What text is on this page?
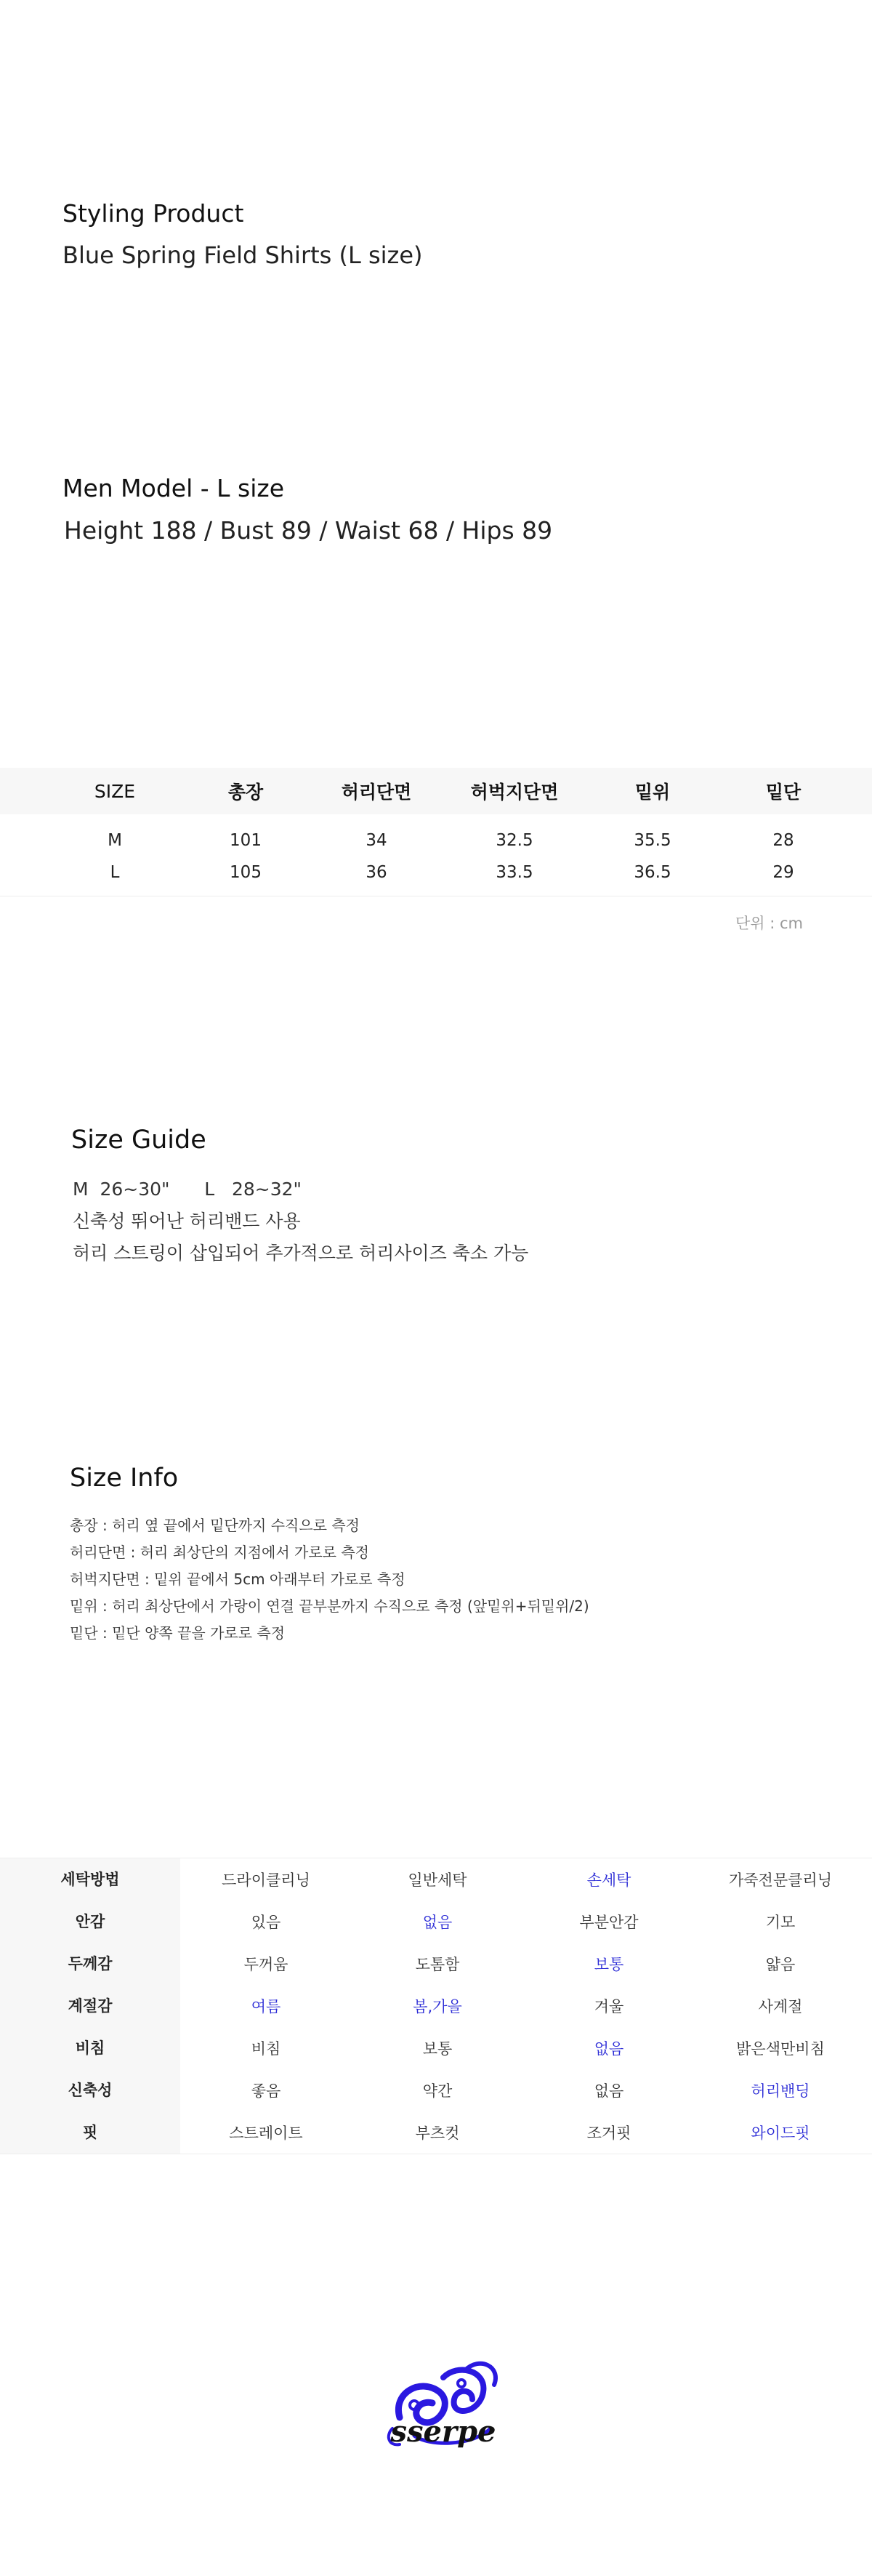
Styling Product
Blue Spring Field Shirts (L size)
Men Model - L size
Height 188 / Bust 89 / Waist 68 / Hips 89
SIZE	총장	허리단면	허벅지단면	밑위	밑단
M	101	34	32.5	35.5	28
L	105	36	33.5	36.5	29
단위 : cm
Size Guide
M  26~30"      L   28~32"
신축성 뛰어난 허리밴드 사용
허리 스트링이 삽입되어 추가적으로 허리사이즈 축소 가능
Size Info
총장 : 허리 옆 끝에서 밑단까지 수직으로 측정
허리단면 : 허리 최상단의 지점에서 가로로 측정
허벅지단면 : 밑위 끝에서 5cm 아래부터 가로로 측정
밑위 : 허리 최상단에서 가랑이 연결 끝부분까지 수직으로 측정 (앞밑위+뒤밑위/2)
밑단 : 밑단 양쪽 끝을 가로로 측정
세탁방법	드라이클리닝	일반세탁	손세탁	가죽전문클리닝
안감	있음	없음	부분안감	기모
두께감	두꺼움	도톰함	보통	얇음
계절감	여름	봄,가을	겨울	사계절
비침	비침	보통	없음	밝은색만비침
신축성	좋음	약간	없음	허리밴딩
핏	스트레이트	부츠컷	조거핏	와이드핏
sserpe
